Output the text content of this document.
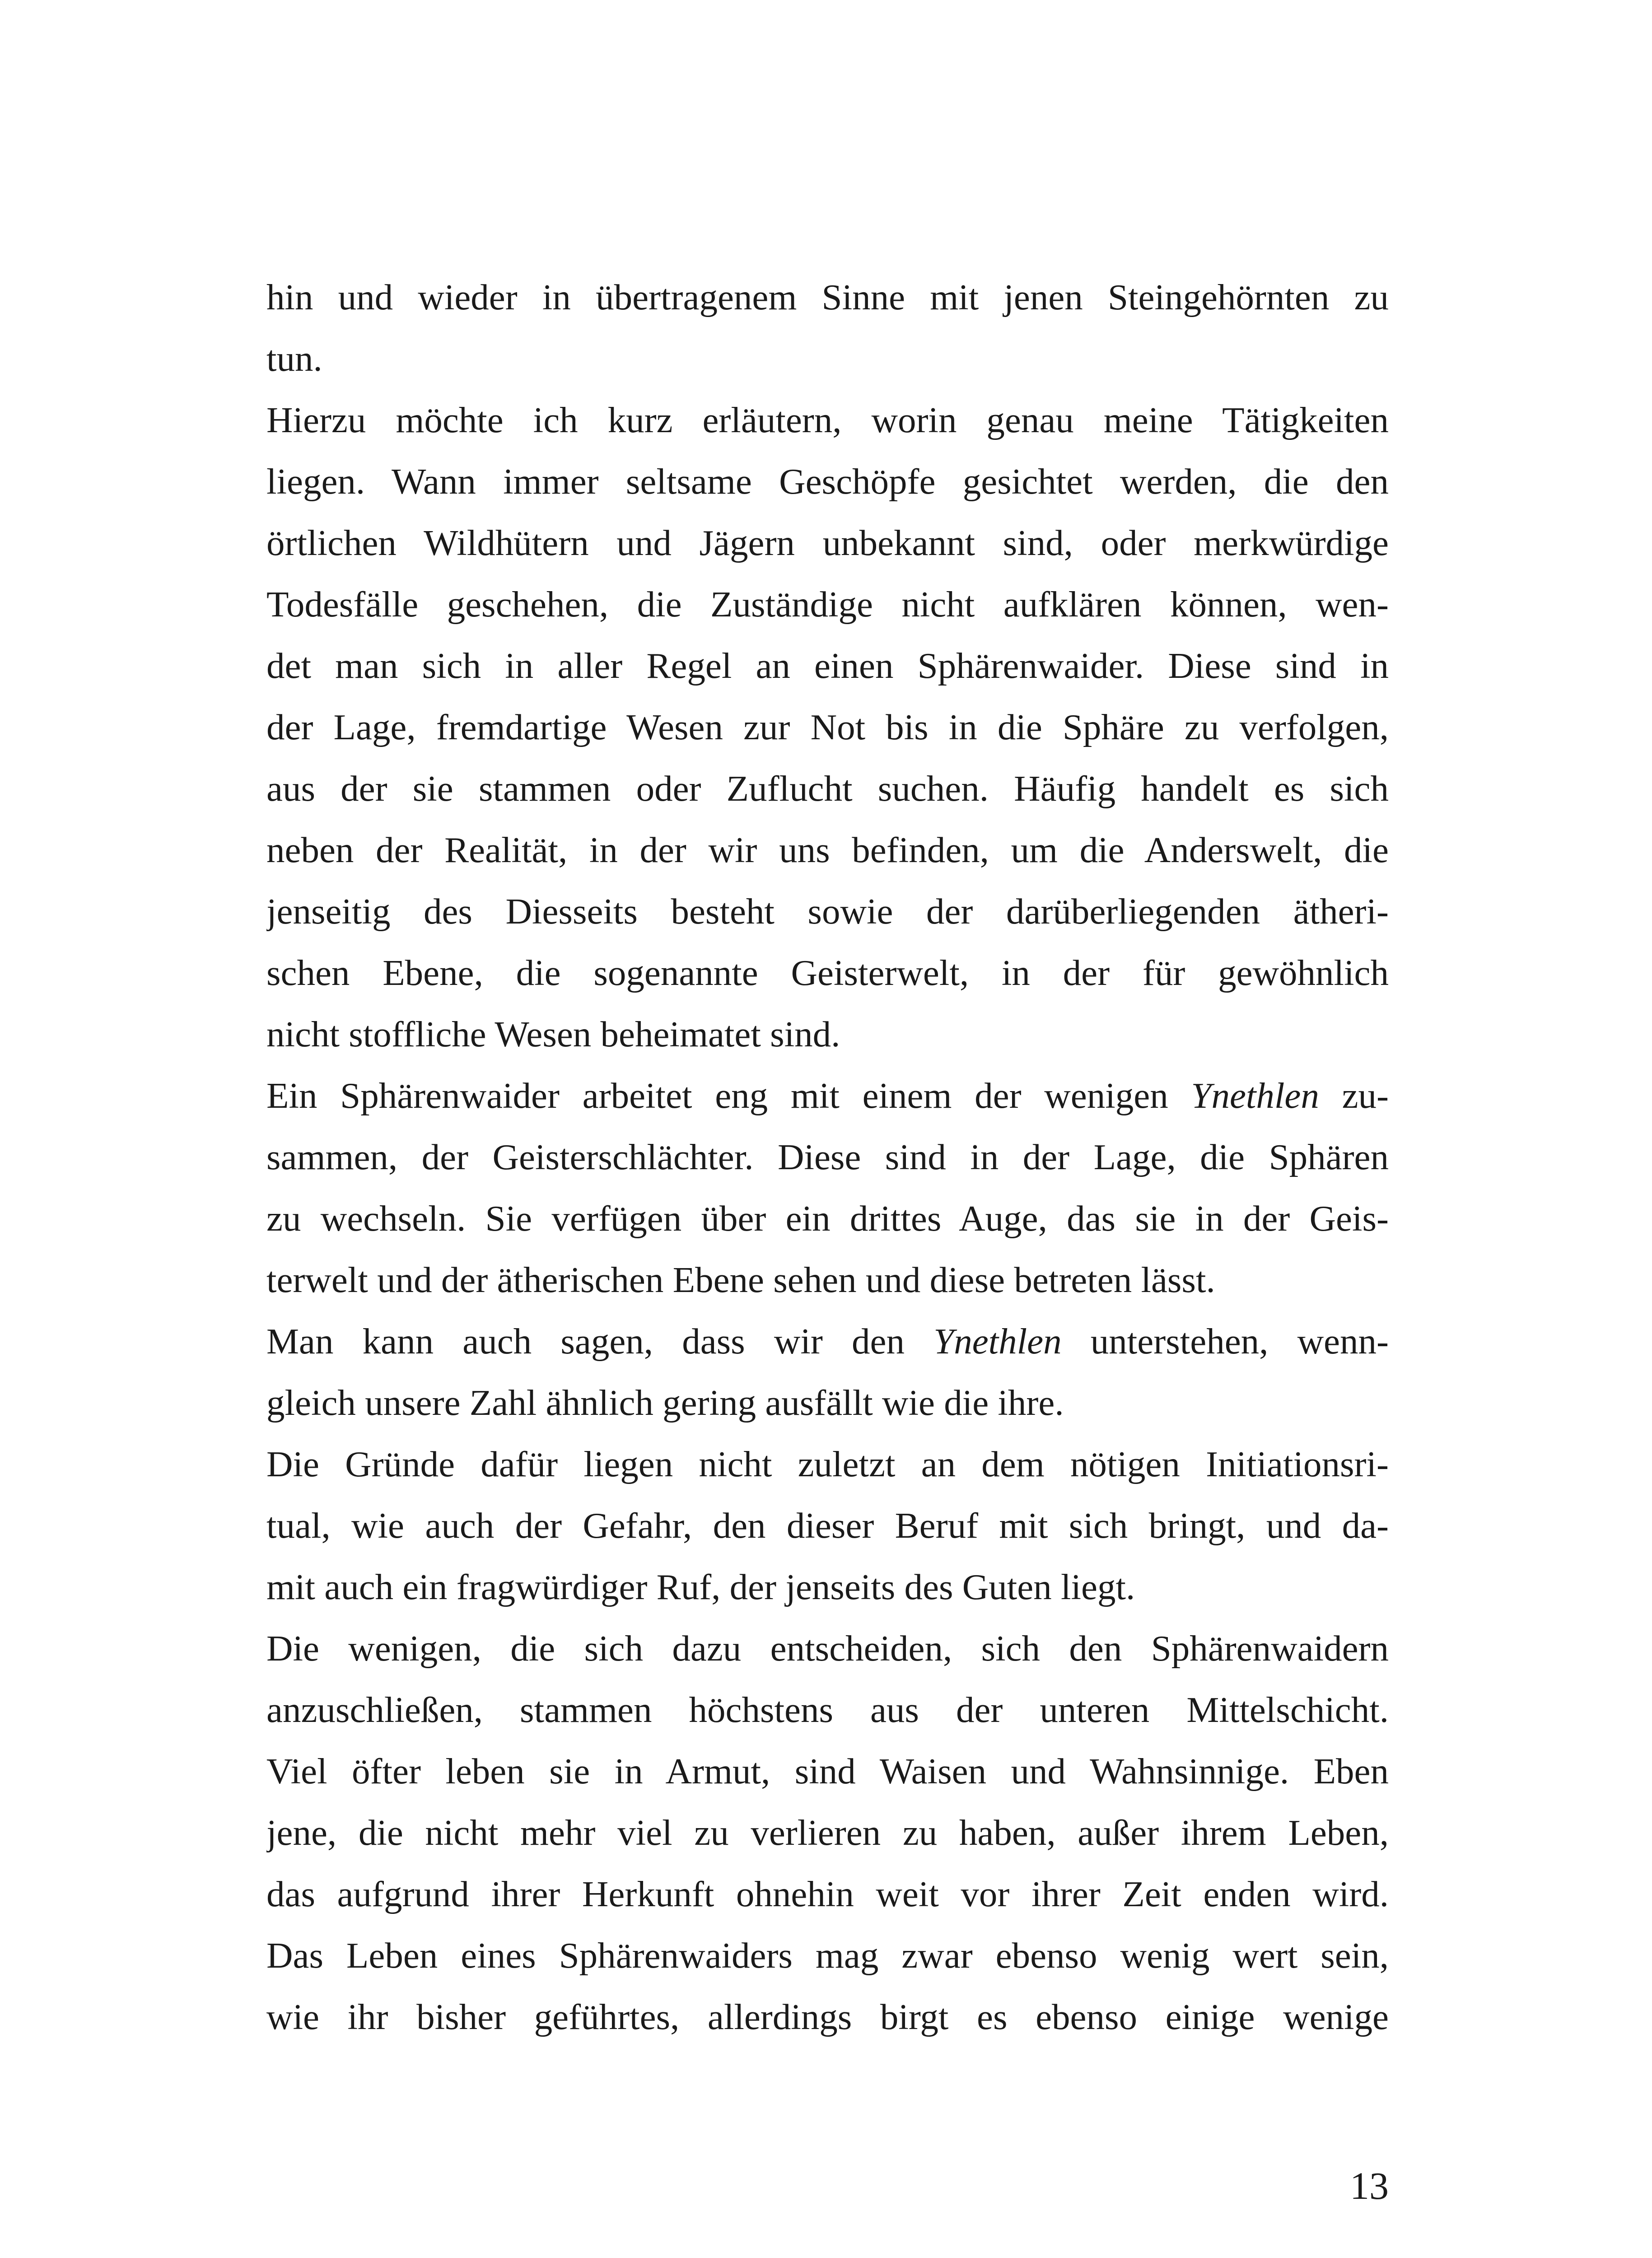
hin und wieder in übertragenem Sinne mit jenen Steingehörnten zu
tun.
Hierzu möchte ich kurz erläutern, worin genau meine Tätigkeiten
liegen. Wann immer seltsame Geschöpfe gesichtet werden, die den
örtlichen Wildhütern und Jägern unbekannt sind, oder merkwürdige
Todesfälle geschehen, die Zuständige nicht aufklären können, wen-
det man sich in aller Regel an einen Sphärenwaider. Diese sind in
der Lage, fremdartige Wesen zur Not bis in die Sphäre zu verfolgen,
aus der sie stammen oder Zuflucht suchen. Häufig handelt es sich
neben der Realität, in der wir uns befinden, um die Anderswelt, die
jenseitig des Diesseits besteht sowie der darüberliegenden ätheri-
schen Ebene, die sogenannte Geisterwelt, in der für gewöhnlich
nicht stoffliche Wesen beheimatet sind.
Ein Sphärenwaider arbeitet eng mit einem der wenigen Ynethlen zu-
sammen, der Geisterschlächter. Diese sind in der Lage, die Sphären
zu wechseln. Sie verfügen über ein drittes Auge, das sie in der Geis-
terwelt und der ätherischen Ebene sehen und diese betreten lässt.
Man kann auch sagen, dass wir den Ynethlen unterstehen, wenn-
gleich unsere Zahl ähnlich gering ausfällt wie die ihre.
Die Gründe dafür liegen nicht zuletzt an dem nötigen Initiationsri-
tual, wie auch der Gefahr, den dieser Beruf mit sich bringt, und da-
mit auch ein fragwürdiger Ruf, der jenseits des Guten liegt.
Die wenigen, die sich dazu entscheiden, sich den Sphärenwaidern
anzuschließen, stammen höchstens aus der unteren Mittelschicht.
Viel öfter leben sie in Armut, sind Waisen und Wahnsinnige. Eben
jene, die nicht mehr viel zu verlieren zu haben, außer ihrem Leben,
das aufgrund ihrer Herkunft ohnehin weit vor ihrer Zeit enden wird.
Das Leben eines Sphärenwaiders mag zwar ebenso wenig wert sein,
wie ihr bisher geführtes, allerdings birgt es ebenso einige wenige
13
